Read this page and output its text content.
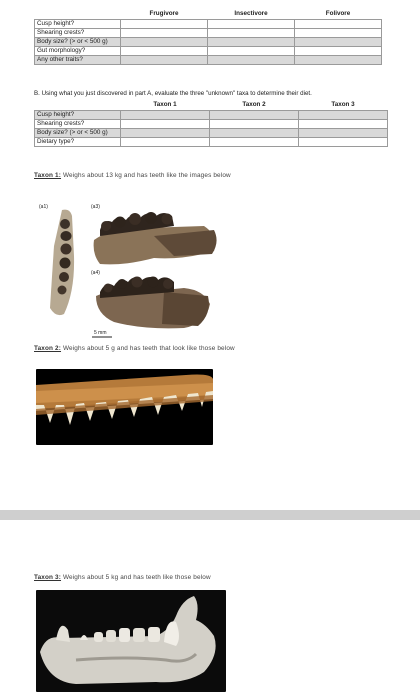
	Frugivore	Insectivore	Folivore
Cusp height?			
Shearing crests?			
Body size? (> or < 500 g)			
Gut morphology?			
Any other traits?			
B. Using what you just discovered in part A, evaluate the three "unknown" taxa to determine their diet.
	Taxon 1	Taxon 2	Taxon 3
Cusp height?			
Shearing crests?			
Body size? (> or < 500 g)			
Dietary type?			
Taxon 1: Weighs about 13 kg and has teeth like the images below
(a1)	(a3)
(a4)
5 mm
Taxon 2: Weighs about 5 g and has teeth that look like those below
Taxon 3: Weighs about 5 kg and has teeth like those below
